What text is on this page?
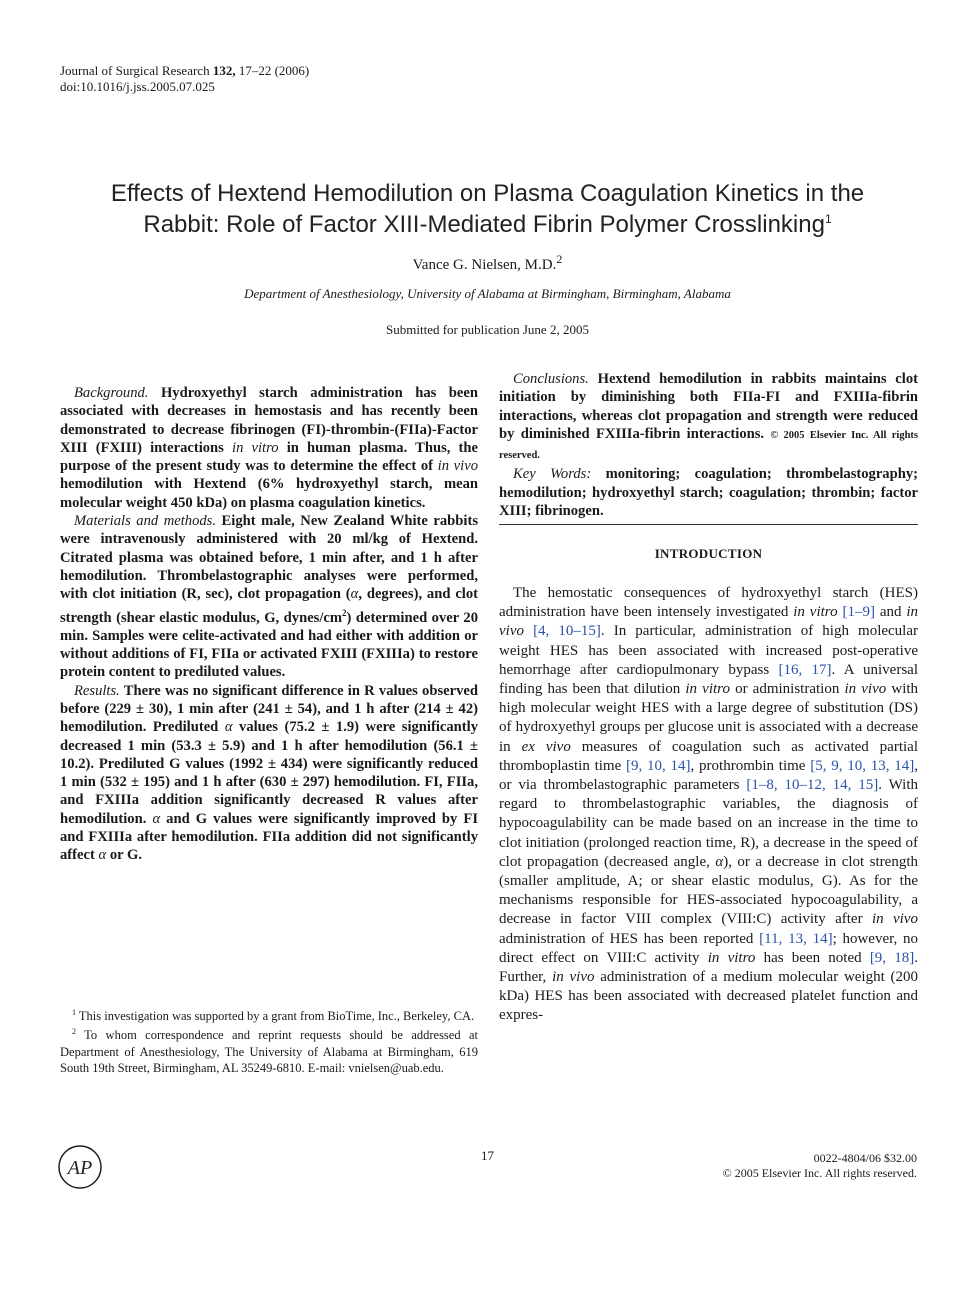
Journal of Surgical Research 132, 17–22 (2006)
doi:10.1016/j.jss.2005.07.025
Effects of Hextend Hemodilution on Plasma Coagulation Kinetics in the
Rabbit: Role of Factor XIII-Mediated Fibrin Polymer Crosslinking$^1$
Vance G. Nielsen, M.D.$^2$
Department of Anesthesiology, University of Alabama at Birmingham, Birmingham, Alabama
Submitted for publication June 2, 2005

Background. Hydroxyethyl starch administration has been associated with decreases in hemostasis and has recently been demonstrated to decrease fibrinogen (FI)-thrombin-(FIIa)-Factor XIII (FXIII) interactions in vitro in human plasma. Thus, the purpose of the present study was to determine the effect of in vivo hemodilution with Hextend (6% hydroxyethyl starch, mean molecular weight 450 kDa) on plasma coagulation kinetics.

Materials and methods. Eight male, New Zealand White rabbits were intravenously administered with 20 ml/kg of Hextend. Citrated plasma was obtained before, 1 min after, and 1 h after hemodilution. Thrombelastographic analyses were performed, with clot initiation (R, sec), clot propagation (α, degrees), and clot strength (shear elastic modulus, G, dynes/$cm^2$) determined over 20 min. Samples were celite-activated and had either with addition or without additions of FI, FIIa or activated FXIII (FXIIIa) to restore protein content to prediluted values.

Results. There was no significant difference in R values observed before (229 ± 30), 1 min after (241 ± 54), and 1 h after (214 ± 42) hemodilution. Prediluted α values (75.2 ± 1.9) were significantly decreased 1 min (53.3 ± 5.9) and 1 h after hemodilution (56.1 ± 10.2). Prediluted G values (1992 ± 434) were significantly reduced 1 min (532 ± 195) and 1 h after (630 ± 297) hemodilution. FI, FIIa, and FXIIIa addition significantly decreased R values after hemodilution. α and G values were significantly improved by FI and FXIIIa after hemodilution. FIIa addition did not significantly affect α or G.

Conclusions. Hextend hemodilution in rabbits maintains clot initiation by diminishing both FIIa-FI and FXIIIa-fibrin interactions, whereas clot propagation and strength were reduced by diminished FXIIIa-fibrin interactions. © 2005 Elsevier Inc. All rights reserved.

Key Words: monitoring; coagulation; thrombelastography; hemodilution; hydroxyethyl starch; coagulation; thrombin; factor XIII; fibrinogen.

INTRODUCTION

The hemostatic consequences of hydroxyethyl starch (HES) administration have been intensely investigated in vitro [1–9] and in vivo [4, 10–15]. In particular, administration of high molecular weight HES has been associated with increased post-operative hemorrhage after cardiopulmonary bypass [16, 17]. A universal finding has been that dilution in vitro or administration in vivo with high molecular weight HES with a large degree of substitution (DS) of hydroxyethyl groups per glucose unit is associated with a decrease in ex vivo measures of coagulation such as activated partial thromboplastin time [9, 10, 14], prothrombin time [5, 9, 10, 13, 14], or via thrombelastographic parameters [1–8, 10–12, 14, 15]. With regard to thrombelastographic variables, the diagnosis of hypocoagulability can be made based on an increase in the time to clot initiation (prolonged reaction time, R), a decrease in the speed of clot propagation (decreased angle, α), or a decrease in clot strength (smaller amplitude, A; or shear elastic modulus, G). As for the mechanisms responsible for HES-associated hypocoagulability, a decrease in factor VIII complex (VIII:C) activity after in vivo administration of HES has been reported [11, 13, 14]; however, no direct effect on VIII:C activity in vitro has been noted [9, 18]. Further, in vivo administration of a medium molecular weight (200 kDa) HES has been associated with decreased platelet function and expres-

$^1$ This investigation was supported by a grant from BioTime, Inc., Berkeley, CA.

$^2$ To whom correspondence and reprint requests should be addressed at Department of Anesthesiology, The University of Alabama at Birmingham, 619 South 19th Street, Birmingham, AL 35249-6810. E-mail: vnielsen@uab.edu.

AP
17	0022-4804/06 $32.00
© 2005 Elsevier Inc. All rights reserved.
